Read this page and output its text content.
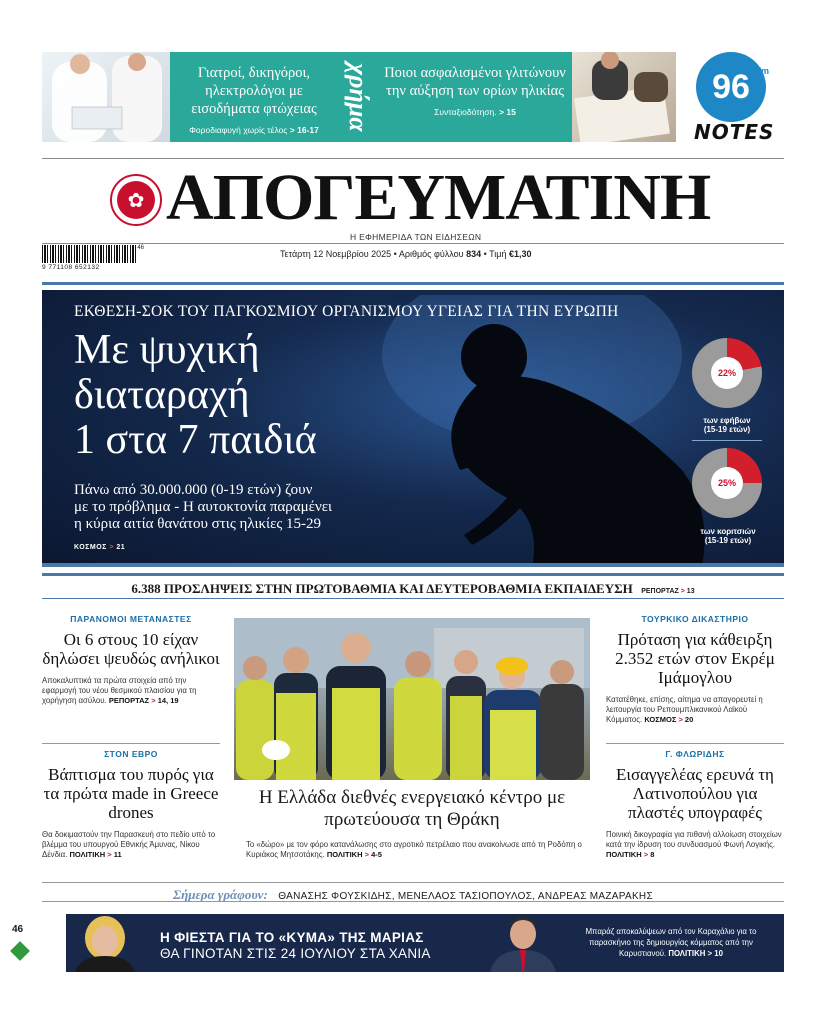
Γιατροί, δικηγόροι, ηλεκτρολόγοι με εισοδήματα φτώχειας
Φοροδιαφυγή χωρίς τέλος > 16-17 χρήμα Ποιοι ασφαλισμένοι γλιτώνουν την αύξηση των ορίων ηλικίας
Συνταξιοδότηση. > 15
96 fm
NOTES
✿ ΑΠΟΓΕΥΜΑΤΙΝΗ
Η ΕΦΗΜΕΡΙΔΑ ΤΩΝ ΕΙΔΗΣΕΩΝ
9 771108 652132
46
Τετάρτη 12 Νοεμβρίου 2025 • Αριθμός φύλλου 834 • Τιμή €1,30
ΕΚΘΕΣΗ-ΣΟΚ ΤΟΥ ΠΑΓΚΟΣΜΙΟΥ ΟΡΓΑΝΙΣΜΟΥ ΥΓΕΙΑΣ ΓΙΑ ΤΗΝ ΕΥΡΩΠΗ
Με ψυχική
διαταραχή
1 στα 7 παιδιά
Πάνω από 30.000.000 (0-19 ετών) ζουν
με το πρόβλημα - Η αυτοκτονία παραμένει
η κύρια αιτία θανάτου στις ηλικίες 15-29
ΚΟΣΜΟΣ > 21
22%
των εφήβων
(15-19 ετών)
25%
των κοριτσιών
(15-19 ετών)
6.388 ΠΡΟΣΛΗΨΕΙΣ ΣΤΗΝ ΠΡΩΤΟΒΑΘΜΙΑ ΚΑΙ ΔΕΥΤΕΡΟΒΑΘΜΙΑ ΕΚΠΑΙΔΕΥΣΗ ΡΕΠΟΡΤΑΖ > 13
ΠΑΡΑΝΟΜΟΙ ΜΕΤΑΝΑΣΤΕΣ
Οι 6 στους 10 είχαν δηλώσει ψευδώς ανήλικοι
Αποκαλυπτικά τα πρώτα στοιχεία από την εφαρμογή του νέου θεσμικού πλαισίου για τη χορήγηση ασύλου. ΡΕΠΟΡΤΑΖ > 14, 19
ΣΤΟΝ ΕΒΡΟ
Βάπτισμα του πυρός για τα πρώτα made in Greece drones
Θα δοκιμαστούν την Παρασκευή στο πεδίο υπό το βλέμμα του υπουργού Εθνικής Άμυνας, Νίκου Δένδια. ΠΟΛΙΤΙΚΗ > 11
Η Ελλάδα διεθνές ενεργειακό κέντρο με πρωτεύουσα τη Θράκη
Το «δώρο» με τον φόρο κατανάλωσης στο αγροτικό πετρέλαιο που ανακοίνωσε από τη Ροδόπη ο Κυριάκος Μητσοτάκης. ΠΟΛΙΤΙΚΗ > 4-5
ΤΟΥΡΚΙΚΟ ΔΙΚΑΣΤΗΡΙΟ
Πρόταση για κάθειρξη 2.352 ετών στον Εκρέμ Ιμάμογλου
Κατατέθηκε, επίσης, αίτημα να απαγορευτεί η λειτουργία του Ρεπουμπλικανικού Λαϊκού Κόμματος. ΚΟΣΜΟΣ > 20
Γ. ΦΛΩΡΙΔΗΣ
Εισαγγελέας ερευνά τη Λατινοπούλου για πλαστές υπογραφές
Ποινική δικογραφία για πιθανή αλλοίωση στοιχείων κατά την ίδρυση του συνδυασμού Φωνή Λογικής. ΠΟΛΙΤΙΚΗ > 8
Σήμερα γράφουν: ΘΑΝΑΣΗΣ ΦΟΥΣΚΙΔΗΣ, ΜΕΝΕΛΑΟΣ ΤΑΣΙΟΠΟΥΛΟΣ, ΑΝΔΡΕΑΣ ΜΑΖΑΡΑΚΗΣ
46
Η ΦΙΕΣΤΑ ΓΙΑ ΤΟ «ΚΥΜΑ» ΤΗΣ ΜΑΡΙΑΣ
ΘΑ ΓΙΝΟΤΑΝ ΣΤΙΣ 24 ΙΟΥΛΙΟΥ ΣΤΑ ΧΑΝΙΑ
Μπαράζ αποκαλύψεων από τον Καραχάλιο για το παρασκήνιο της δημιουργίας κόμματος από την Καρυστιανού. ΠΟΛΙΤΙΚΗ > 10
